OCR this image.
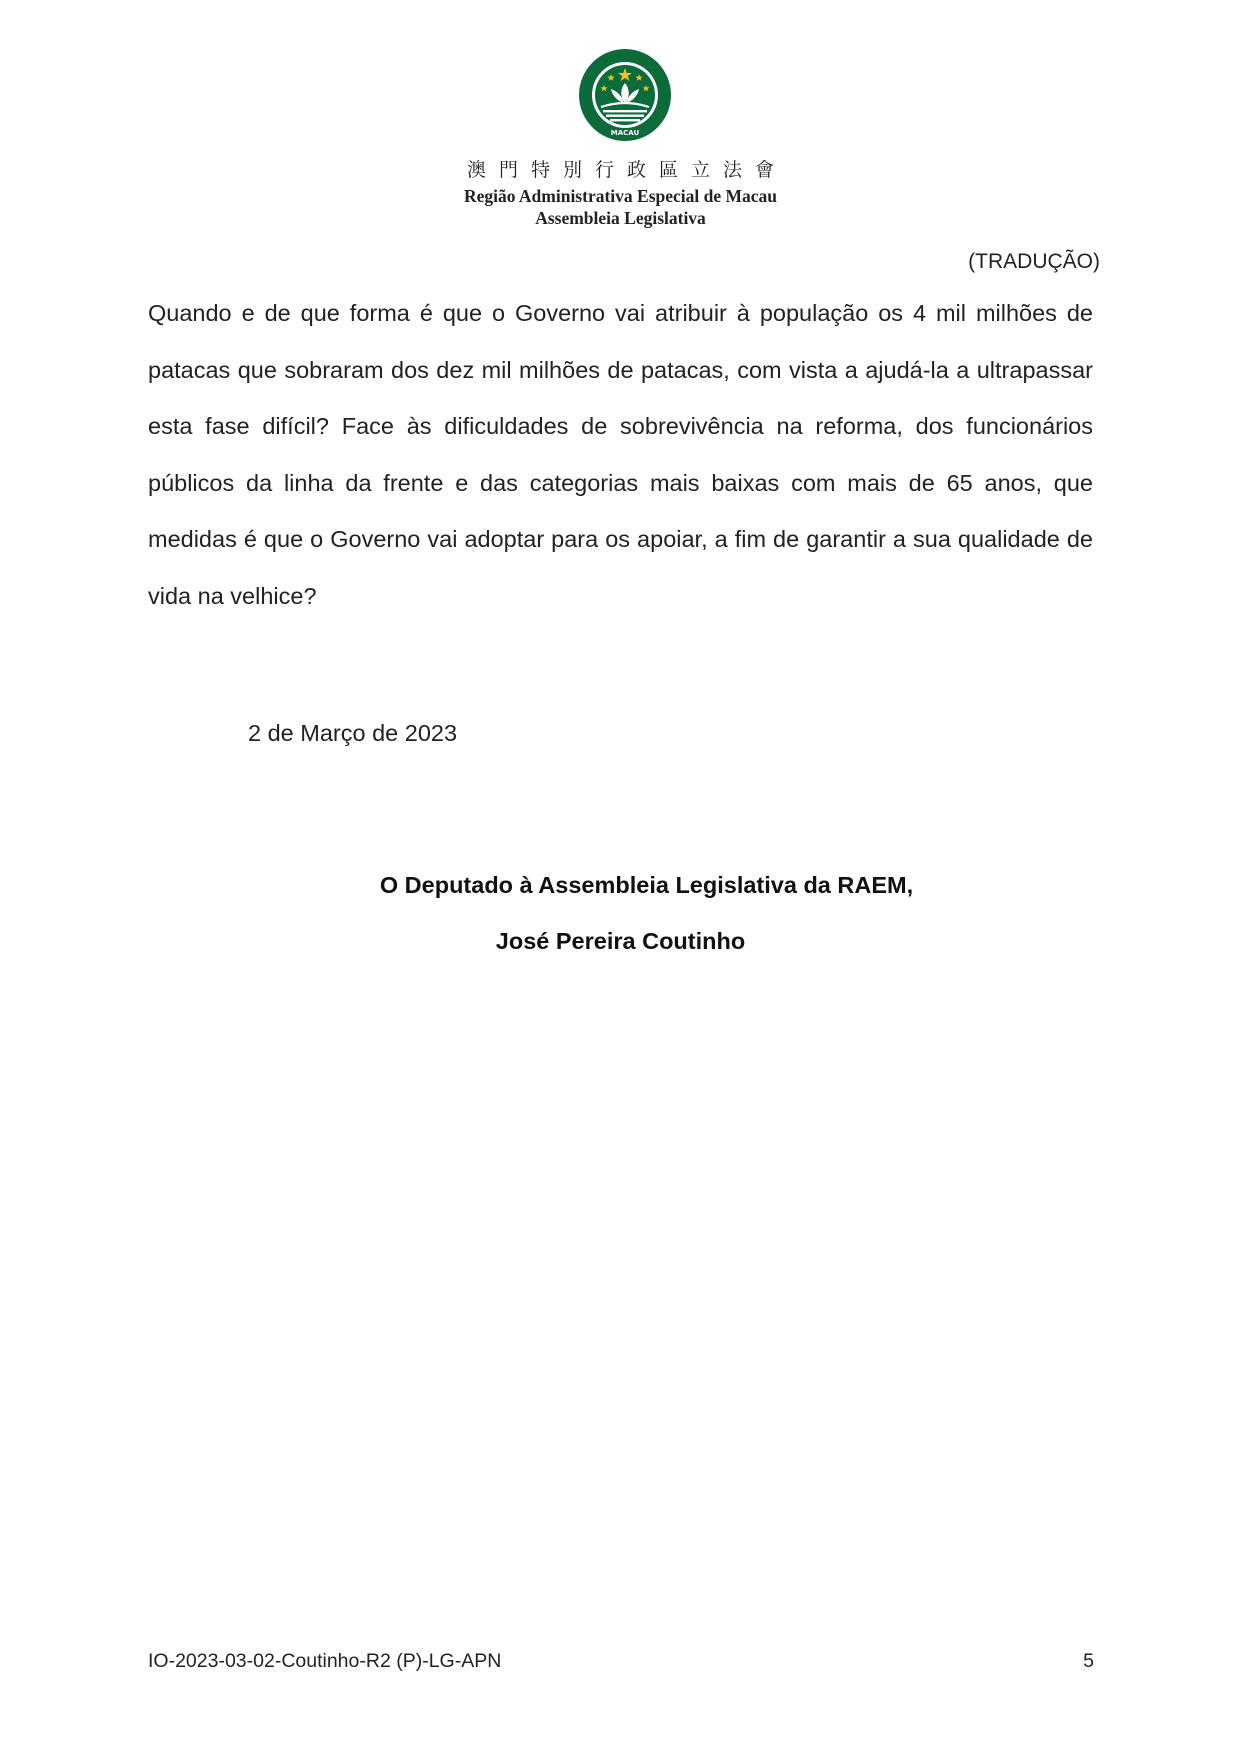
MACAU
澳門特別行政區立法會
Região Administrativa Especial de Macau
Assembleia Legislativa
(TRADUÇÃO)

Quando e de que forma é que o Governo vai atribuir à população os 4 mil milhões de patacas que sobraram dos dez mil milhões de patacas, com vista a ajudá-la a ultrapassar esta fase difícil? Face às dificuldades de sobrevivência na reforma, dos funcionários públicos da linha da frente e das categorias mais baixas com mais de 65 anos, que medidas é que o Governo vai adoptar para os apoiar, a fim de garantir a sua qualidade de vida na velhice?

2 de Março de 2023
O Deputado à Assembleia Legislativa da RAEM,
José Pereira Coutinho
IO-2023-03-02-Coutinho-R2 (P)-LG-APN	5
